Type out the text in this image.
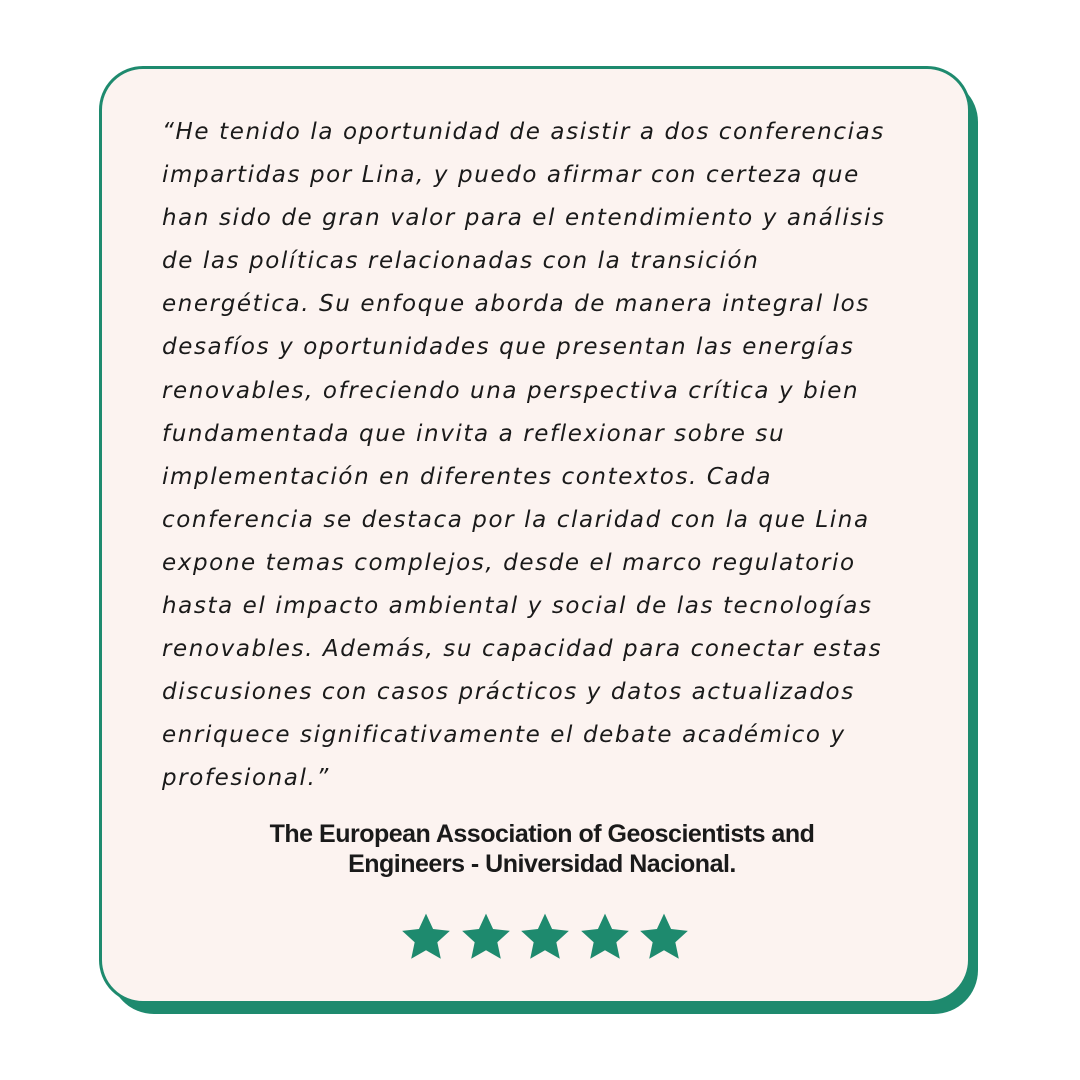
“He tenido la oportunidad de asistir a dos conferencias
impartidas por Lina, y puedo afirmar con certeza que
han sido de gran valor para el entendimiento y análisis
de las políticas relacionadas con la transición
energética. Su enfoque aborda de manera integral los
desafíos y oportunidades que presentan las energías
renovables, ofreciendo una perspectiva crítica y bien
fundamentada que invita a reflexionar sobre su
implementación en diferentes contextos. Cada
conferencia se destaca por la claridad con la que Lina
expone temas complejos, desde el marco regulatorio
hasta el impacto ambiental y social de las tecnologías
renovables. Además, su capacidad para conectar estas
discusiones con casos prácticos y datos actualizados
enriquece significativamente el debate académico y
profesional.”

The European Association of Geoscientists and
Engineers - Universidad Nacional.
